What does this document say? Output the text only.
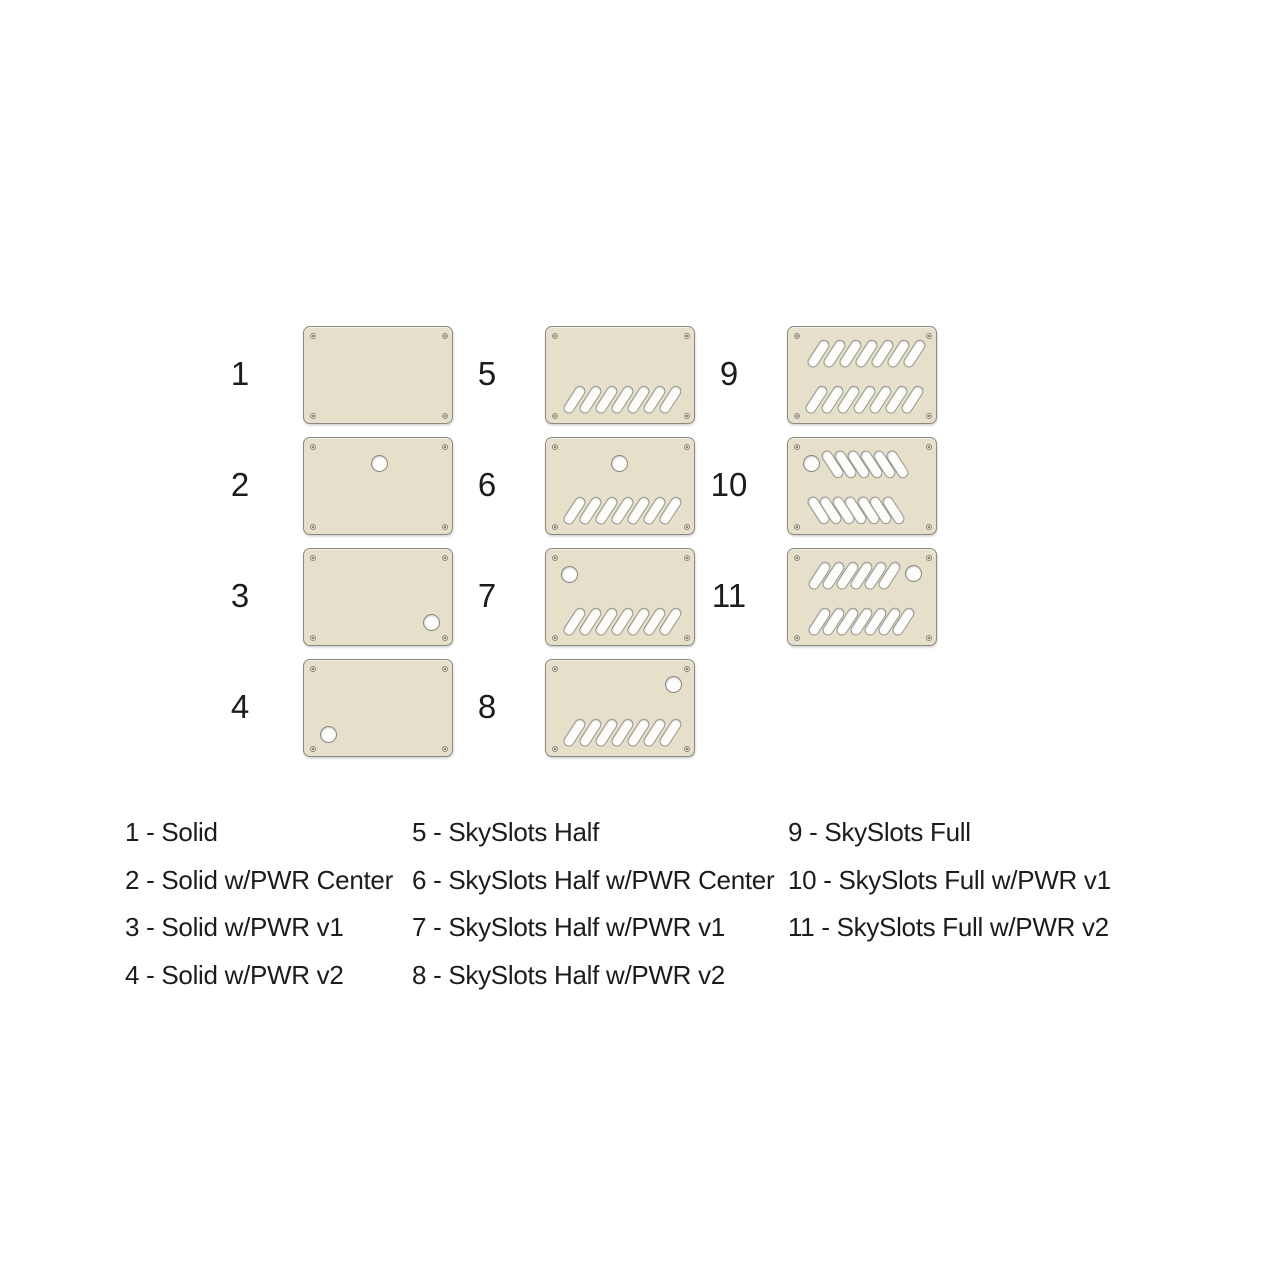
1
2
3
4
5
6
7
8
9
10
11
1 - Solid
2 - Solid w/PWR Center
3 - Solid w/PWR v1
4 - Solid w/PWR v2
5 - SkySlots Half
6 - SkySlots Half w/PWR Center
7 - SkySlots Half w/PWR v1
8 - SkySlots Half w/PWR v2
9 - SkySlots Full
10 - SkySlots Full w/PWR v1
11 - SkySlots Full w/PWR v2
